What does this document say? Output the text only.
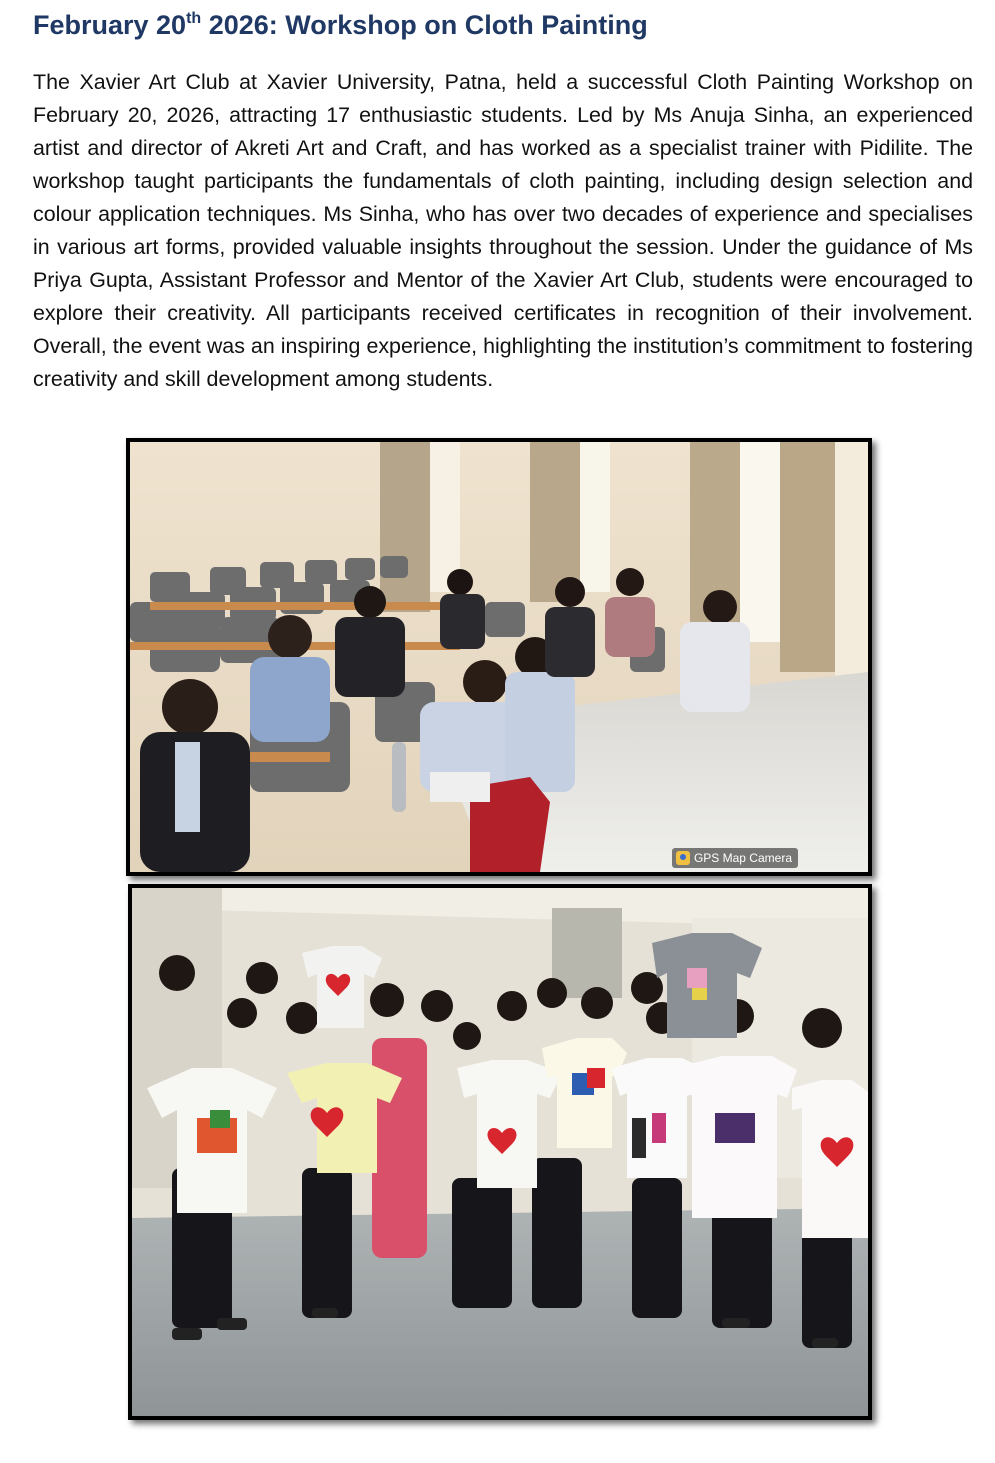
February 20th 2026: Workshop on Cloth Painting

The Xavier Art Club at Xavier University, Patna, held a successful Cloth Painting Workshop on February 20, 2026, attracting 17 enthusiastic students. Led by Ms Anuja Sinha, an experienced artist and director of Akreti Art and Craft, and has worked as a specialist trainer with Pidilite. The workshop taught participants the fundamentals of cloth painting, including design selection and colour application techniques. Ms Sinha, who has over two decades of experience and specialises in various art forms, provided valuable insights throughout the session. Under the guidance of Ms Priya Gupta, Assistant Professor and Mentor of the Xavier Art Club, students were encouraged to explore their creativity. All participants received certificates in recognition of their involvement. Overall, the event was an inspiring experience, highlighting the institution’s commitment to fostering creativity and skill development among students.

GPS Map Camera
